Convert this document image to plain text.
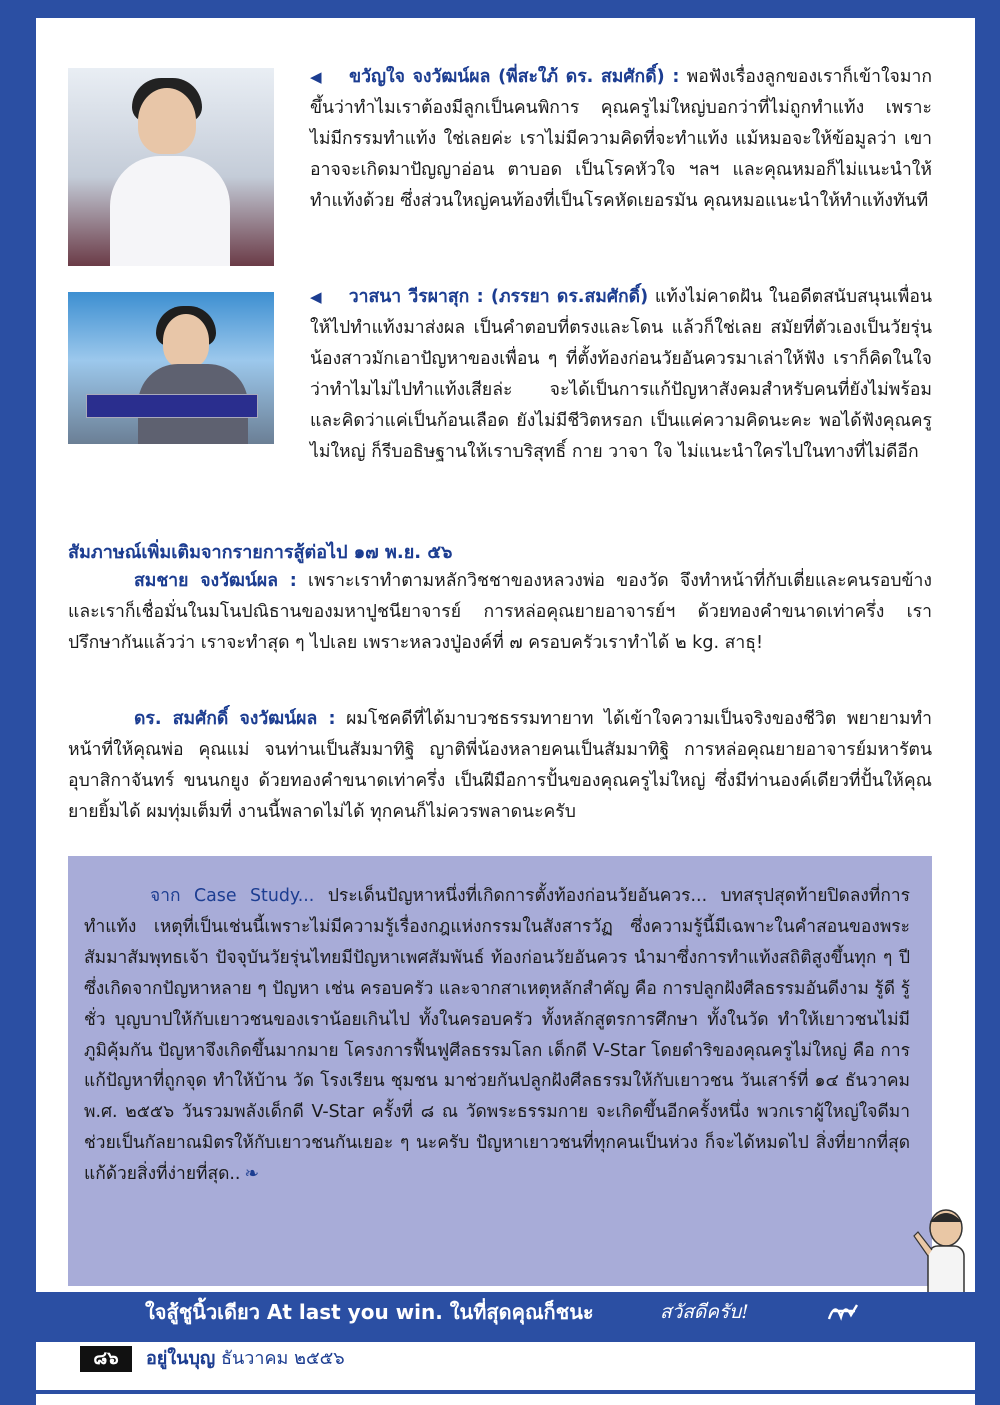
◀ ขวัญใจ จงวัฒน์ผล (พี่สะใภ้ ดร. สมศักดิ์) : พอฟังเรื่องลูกของเราก็เข้าใจมากขึ้นว่าทำไมเราต้องมีลูกเป็นคนพิการ คุณครูไม่ใหญ่บอกว่าที่ไม่ถูกทำแท้ง เพราะไม่มีกรรมทำแท้ง ใช่เลยค่ะ เราไม่มีความคิดที่จะทำแท้ง แม้หมอจะให้ข้อมูลว่า เขาอาจจะเกิดมาปัญญาอ่อน ตาบอด เป็นโรคหัวใจ ฯลฯ และคุณหมอก็ไม่แนะนำให้ทำแท้งด้วย ซึ่งส่วนใหญ่คนท้องที่เป็นโรคหัดเยอรมัน คุณหมอแนะนำให้ทำแท้งทันที
◀ วาสนา วีรผาสุก : (ภรรยา ดร.สมศักดิ์) แท้งไม่คาดฝัน ในอดีตสนับสนุนเพื่อนให้ไปทำแท้งมาส่งผล เป็นคำตอบที่ตรงและโดน แล้วก็ใช่เลย สมัยที่ตัวเองเป็นวัยรุ่น น้องสาวมักเอาปัญหาของเพื่อน ๆ ที่ตั้งท้องก่อนวัยอันควรมาเล่าให้ฟัง เราก็คิดในใจว่าทำไมไม่ไปทำแท้งเสียล่ะ จะได้เป็นการแก้ปัญหาสังคมสำหรับคนที่ยังไม่พร้อม และคิดว่าแค่เป็นก้อนเลือด ยังไม่มีชีวิตหรอก เป็นแค่ความคิดนะคะ พอได้ฟังคุณครูไม่ใหญ่ ก็รีบอธิษฐานให้เราบริสุทธิ์ กาย วาจา ใจ ไม่แนะนำใครไปในทางที่ไม่ดีอีก
สัมภาษณ์เพิ่มเติมจากรายการสู้ต่อไป ๑๗ พ.ย. ๕๖
สมชาย จงวัฒน์ผล : เพราะเราทำตามหลักวิชชาของหลวงพ่อ ของวัด จึงทำหน้าที่กับเตี่ยและคนรอบข้าง และเราก็เชื่อมั่นในมโนปณิธานของมหาปูชนียาจารย์ การหล่อคุณยายอาจารย์ฯ ด้วยทองคำขนาดเท่าครึ่ง เราปรึกษากันแล้วว่า เราจะทำสุด ๆ ไปเลย เพราะหลวงปู่องค์ที่ ๗ ครอบครัวเราทำได้ ๒ kg. สาธุ!
ดร. สมศักดิ์ จงวัฒน์ผล : ผมโชคดีที่ได้มาบวชธรรมทายาท ได้เข้าใจความเป็นจริงของชีวิต พยายามทำหน้าที่ให้คุณพ่อ คุณแม่ จนท่านเป็นสัมมาทิฐิ ญาติพี่น้องหลายคนเป็นสัมมาทิฐิ การหล่อคุณยายอาจารย์มหารัตนอุบาสิกาจันทร์ ขนนกยูง ด้วยทองคำขนาดเท่าครึ่ง เป็นฝีมือการปั้นของคุณครูไม่ใหญ่ ซึ่งมีท่านองค์เดียวที่ปั้นให้คุณยายยิ้มได้ ผมทุ่มเต็มที่ งานนี้พลาดไม่ได้ ทุกคนก็ไม่ควรพลาดนะครับ
จาก Case Study... ประเด็นปัญหาหนึ่งที่เกิดการตั้งท้องก่อนวัยอันควร... บทสรุปสุดท้ายปิดลงที่การทำแท้ง เหตุที่เป็นเช่นนี้เพราะไม่มีความรู้เรื่องกฎแห่งกรรมในสังสารวัฏ ซึ่งความรู้นี้มีเฉพาะในคำสอนของพระสัมมาสัมพุทธเจ้า ปัจจุบันวัยรุ่นไทยมีปัญหาเพศสัมพันธ์ ท้องก่อนวัยอันควร นำมาซึ่งการทำแท้งสถิติสูงขึ้นทุก ๆ ปี ซึ่งเกิดจากปัญหาหลาย ๆ ปัญหา เช่น ครอบครัว และจากสาเหตุหลักสำคัญ คือ การปลูกฝังศีลธรรมอันดีงาม รู้ดี รู้ชั่ว บุญบาปให้กับเยาวชนของเราน้อยเกินไป ทั้งในครอบครัว ทั้งหลักสูตรการศึกษา ทั้งในวัด ทำให้เยาวชนไม่มีภูมิคุ้มกัน ปัญหาจึงเกิดขึ้นมากมาย โครงการฟื้นฟูศีลธรรมโลก เด็กดี V-Star โดยดำริของคุณครูไม่ใหญ่ คือ การแก้ปัญหาที่ถูกจุด ทำให้บ้าน วัด โรงเรียน ชุมชน มาช่วยกันปลูกฝังศีลธรรมให้กับเยาวชน วันเสาร์ที่ ๑๔ ธันวาคม พ.ศ. ๒๕๕๖ วันรวมพลังเด็กดี V-Star ครั้งที่ ๘ ณ วัดพระธรรมกาย จะเกิดขึ้นอีกครั้งหนึ่ง พวกเราผู้ใหญ่ใจดีมาช่วยเป็นกัลยาณมิตรให้กับเยาวชนกันเยอะ ๆ นะครับ ปัญหาเยาวชนที่ทุกคนเป็นห่วง ก็จะได้หมดไป สิ่งที่ยากที่สุด แก้ด้วยสิ่งที่ง่ายที่สุด.. ❧
ใจสู้ชูนิ้วเดียว At last you win. ในที่สุดคุณก็ชนะ	สวัสดีครับ!
๘๖	อยู่ในบุญ ธันวาคม ๒๕๕๖
